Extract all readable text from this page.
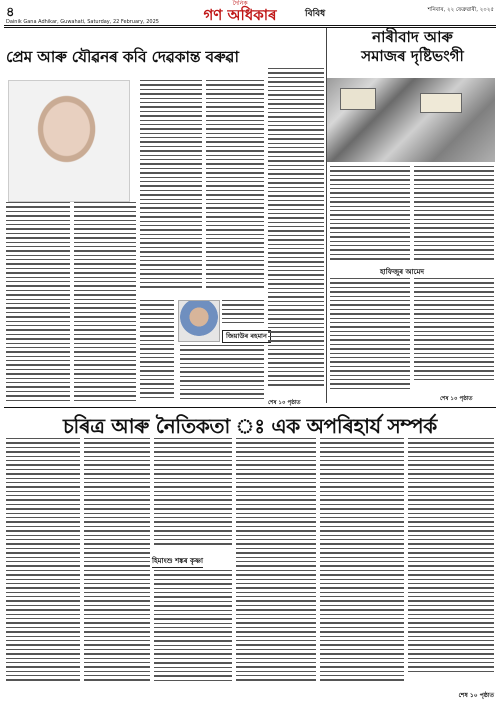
৪
Dainik Gana Adhikar, Guwahati, Saturday, 22 February, 2025
দৈনিক
গণ অধিকাৰ	বিবিধ	শনিবাৰ, ২২ ফেব্ৰুৱাৰী, ২০২৫
প্ৰেম আৰু যৌৱনৰ কবি দেৱকান্ত বৰুৱা
জিয়াউৰ ৰহমান
শেষ ১০ পৃষ্ঠাত
নাৰীবাদ আৰু
সমাজৰ দৃষ্টিভংগী
হাফিজুৰ আমেদ
শেষ ১০ পৃষ্ঠাত
চৰিত্ৰ আৰু নৈতিকতা ঃ এক অপৰিহাৰ্য সম্পৰ্ক
হিমাংশু শঙ্কৰ কৃষ্ণা
শেষ ১০ পৃষ্ঠাত
